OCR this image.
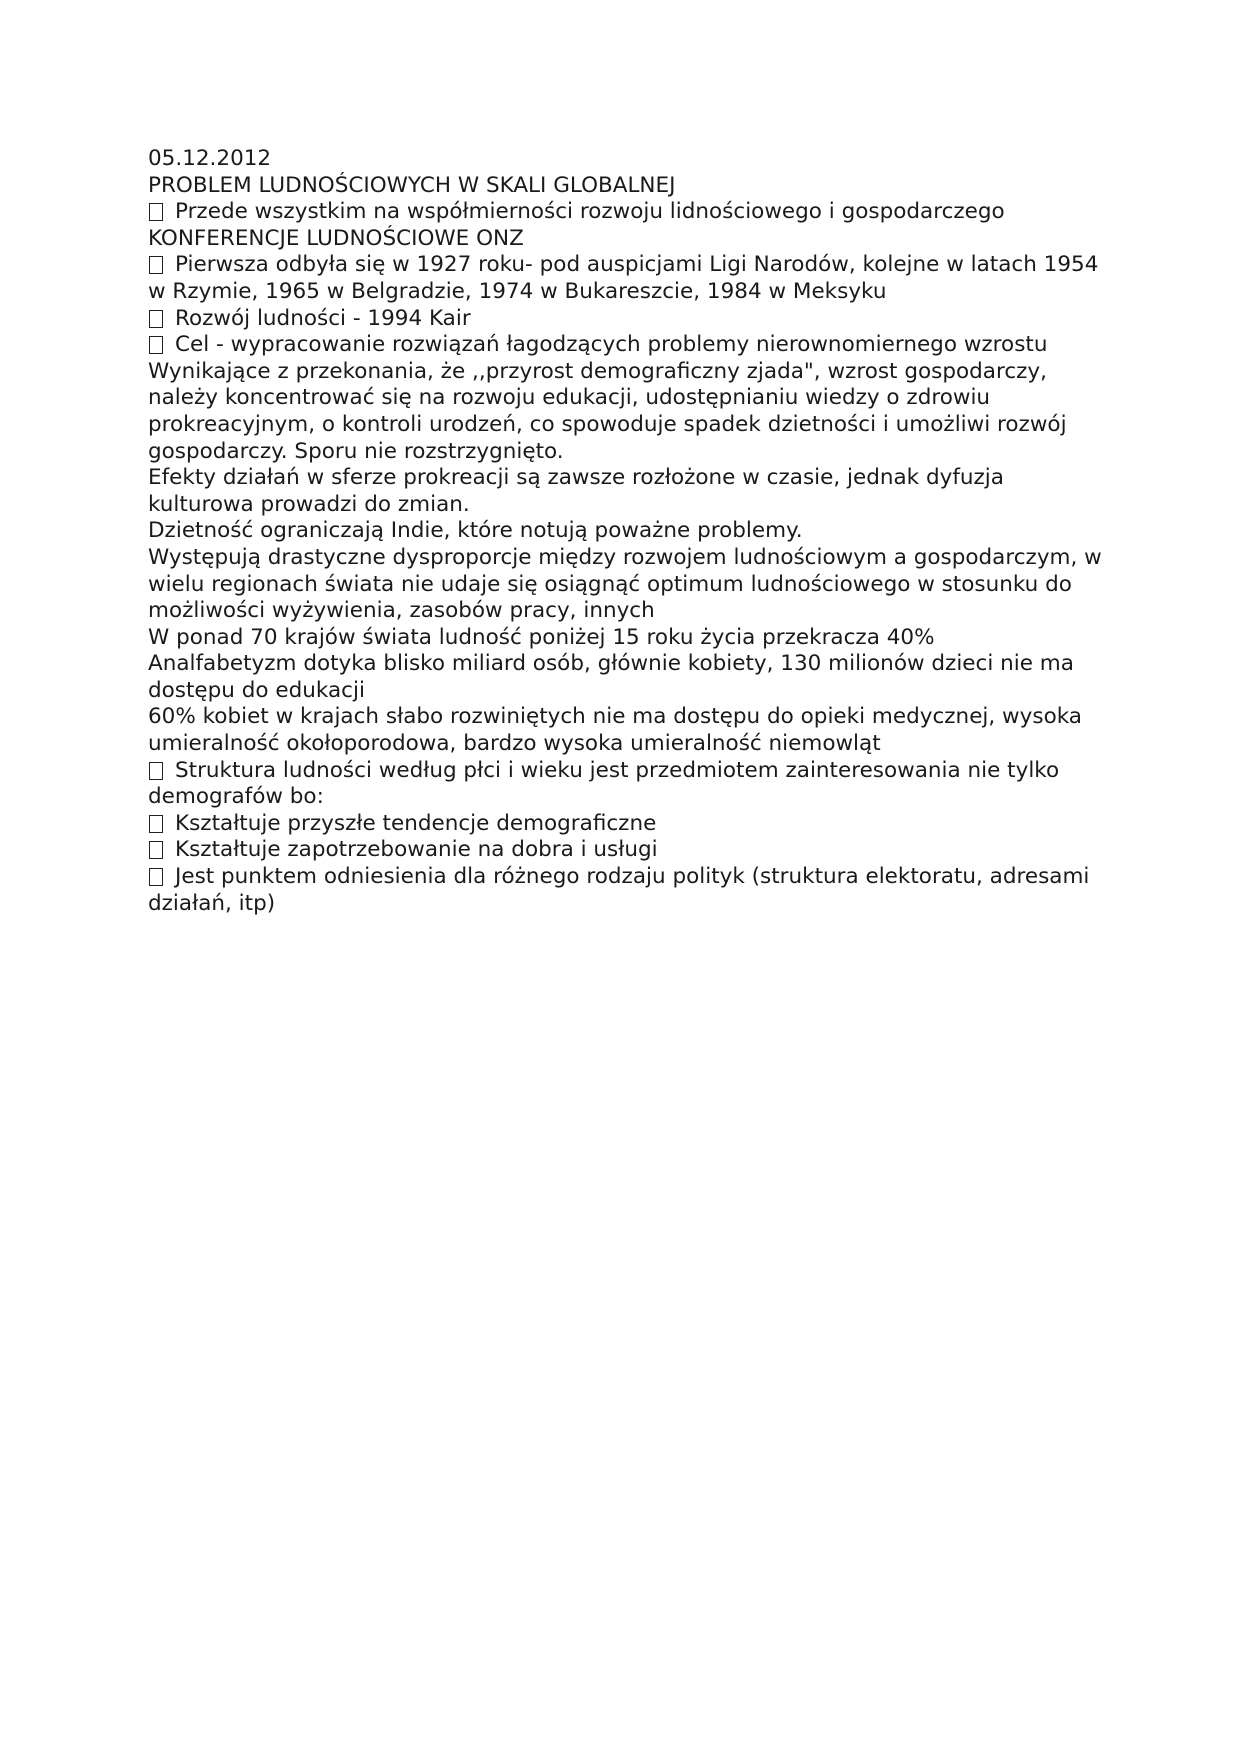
05.12.2012
PROBLEM LUDNOŚCIOWYCH W SKALI GLOBALNEJ
Przede wszystkim na współmierności rozwoju lidnościowego i gospodarczego
KONFERENCJE LUDNOŚCIOWE ONZ
Pierwsza odbyła się w 1927 roku- pod auspicjami Ligi Narodów, kolejne w latach 1954 w Rzymie, 1965 w Belgradzie, 1974 w Bukareszcie, 1984 w Meksyku
Rozwój ludności - 1994 Kair
Cel - wypracowanie rozwiązań łagodzących problemy nierownomiernego wzrostu
Wynikające z przekonania, że ,,przyrost demograficzny zjada", wzrost gospodarczy, należy koncentrować się na rozwoju edukacji, udostępnianiu wiedzy o zdrowiu prokreacyjnym, o kontroli urodzeń, co spowoduje spadek dzietności i umożliwi rozwój gospodarczy. Sporu nie rozstrzygnięto.
Efekty działań w sferze prokreacji są zawsze rozłożone w czasie, jednak dyfuzja kulturowa prowadzi do zmian.
Dzietność ograniczają Indie, które notują poważne problemy.
Występują drastyczne dysproporcje między rozwojem ludnościowym a gospodarczym, w wielu regionach świata nie udaje się osiągnąć optimum ludnościowego w stosunku do możliwości wyżywienia, zasobów pracy, innych
W ponad 70 krajów świata ludność poniżej 15 roku życia przekracza 40%
Analfabetyzm dotyka blisko miliard osób, głównie kobiety, 130 milionów dzieci nie ma dostępu do edukacji
60% kobiet w krajach słabo rozwiniętych nie ma dostępu do opieki medycznej, wysoka umieralność okołoporodowa, bardzo wysoka umieralność niemowląt
Struktura ludności według płci i wieku jest przedmiotem zainteresowania nie tylko demografów bo:
Kształtuje przyszłe tendencje demograficzne
Kształtuje zapotrzebowanie na dobra i usługi
Jest punktem odniesienia dla różnego rodzaju polityk (struktura elektoratu, adresami działań, itp)
